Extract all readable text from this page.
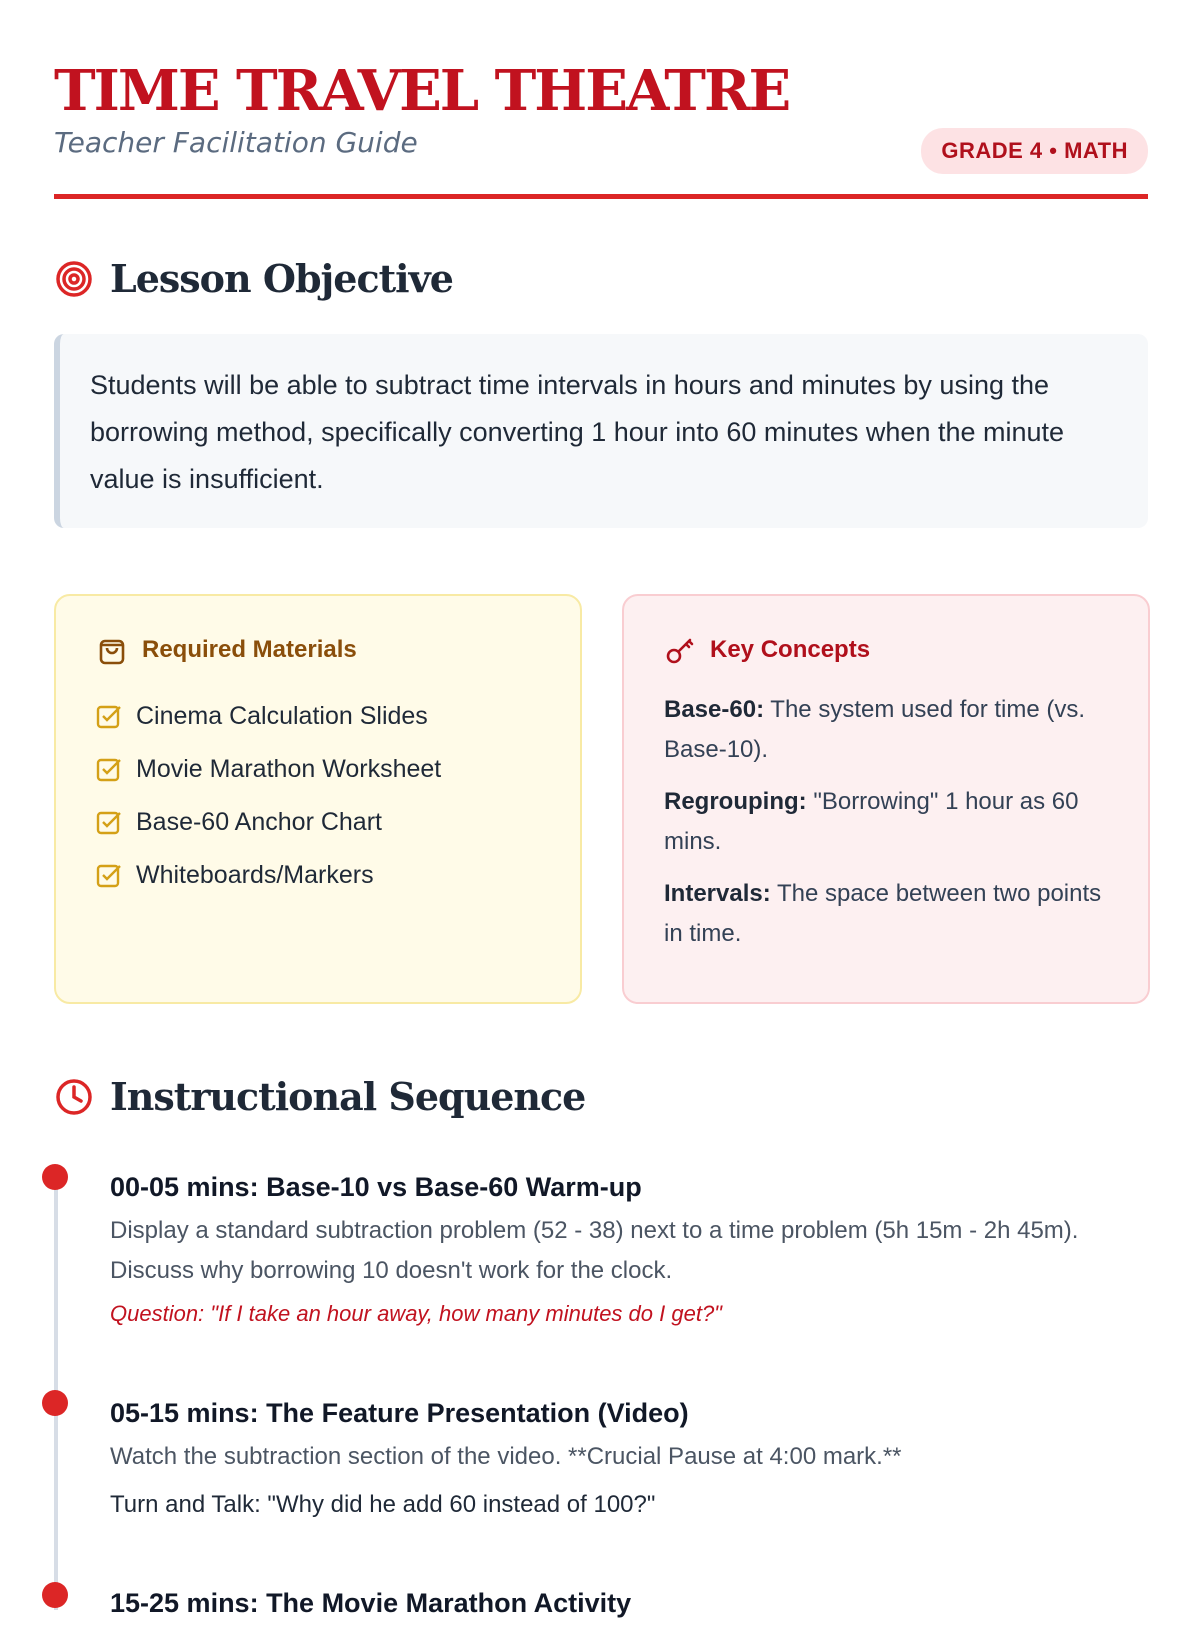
TIME TRAVEL THEATRE
Teacher Facilitation Guide	GRADE 4 • MATH
Lesson Objective
Students will be able to subtract time intervals in hours and minutes by using the borrowing method, specifically converting 1 hour into 60 minutes when the minute value is insufficient.
Required Materials
Cinema Calculation Slides
Movie Marathon Worksheet
Base-60 Anchor Chart
Whiteboards/Markers
Key Concepts
Base-60: The system used for time (vs. Base-10).
Regrouping: "Borrowing" 1 hour as 60 mins.
Intervals: The space between two points in time.
Instructional Sequence
00-05 mins: Base-10 vs Base-60 Warm-up
Display a standard subtraction problem (52 - 38) next to a time problem (5h 15m - 2h 45m). Discuss why borrowing 10 doesn't work for the clock.
Question: "If I take an hour away, how many minutes do I get?"
05-15 mins: The Feature Presentation (Video)
Watch the subtraction section of the video. **Crucial Pause at 4:00 mark.**
Turn and Talk: "Why did he add 60 instead of 100?"
15-25 mins: The Movie Marathon Activity
